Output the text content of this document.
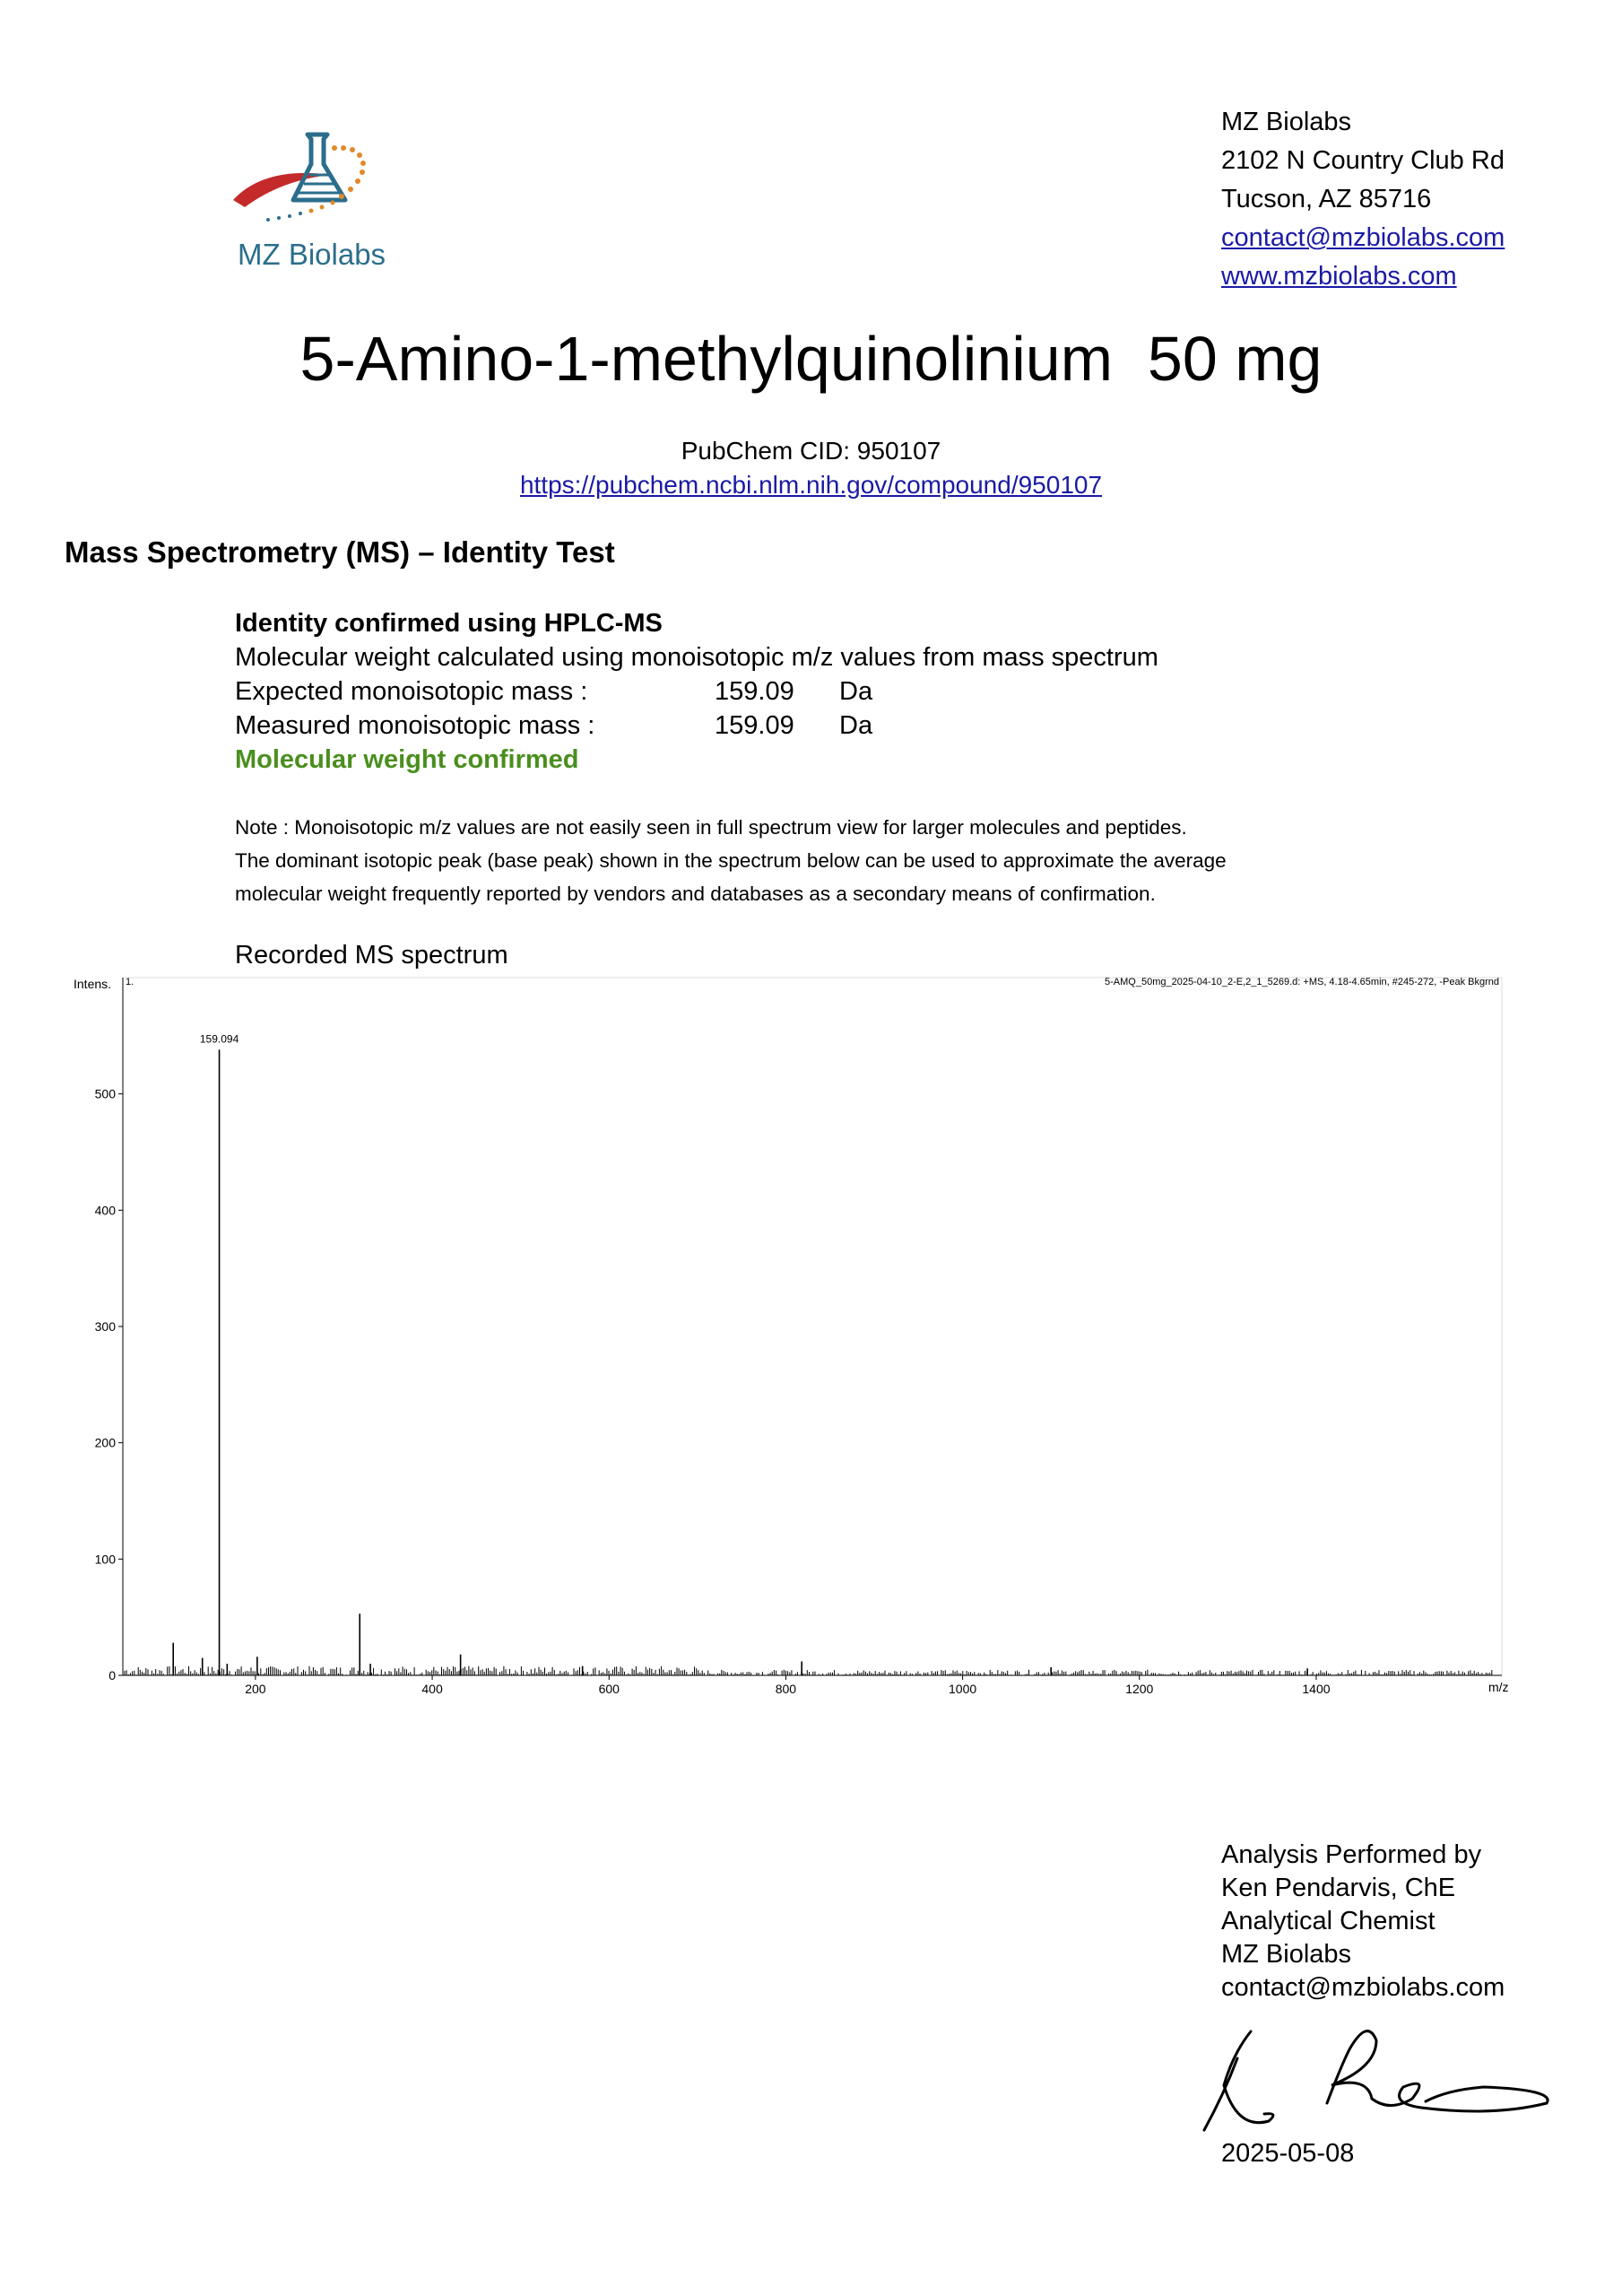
MZ Biolabs
MZ Biolabs
2102 N Country Club Rd
Tucson, AZ 85716
contact@mzbiolabs.com
www.mzbiolabs.com
5-Amino-1-methylquinolinium  50 mg
PubChem CID: 950107
https://pubchem.ncbi.nlm.nih.gov/compound/950107
Mass Spectrometry (MS) – Identity Test
Identity confirmed using HPLC-MS
Molecular weight calculated using monoisotopic m/z values from mass spectrum
Expected monoisotopic mass :	159.09 Da
Measured monoisotopic mass :	159.09 Da
Molecular weight confirmed
Note : Monoisotopic m/z values are not easily seen in full spectrum view for larger molecules and peptides.
The dominant isotopic peak (base peak) shown in the spectrum below can be used to approximate the average
molecular weight frequently reported by vendors and databases as a secondary means of confirmation.
Recorded MS spectrum
Intens. 1.	5-AMQ_50mg_2025-04-10_2-E,2_1_5269.d: +MS, 4.18-4.65min, #245-272, -Peak Bkgrnd
m/z
200	400	600	800	1000	1200	1400
0
100
200
300
400
500
159.094
Analysis Performed by
Ken Pendarvis, ChE
Analytical Chemist
MZ Biolabs
contact@mzbiolabs.com
2025-05-08
